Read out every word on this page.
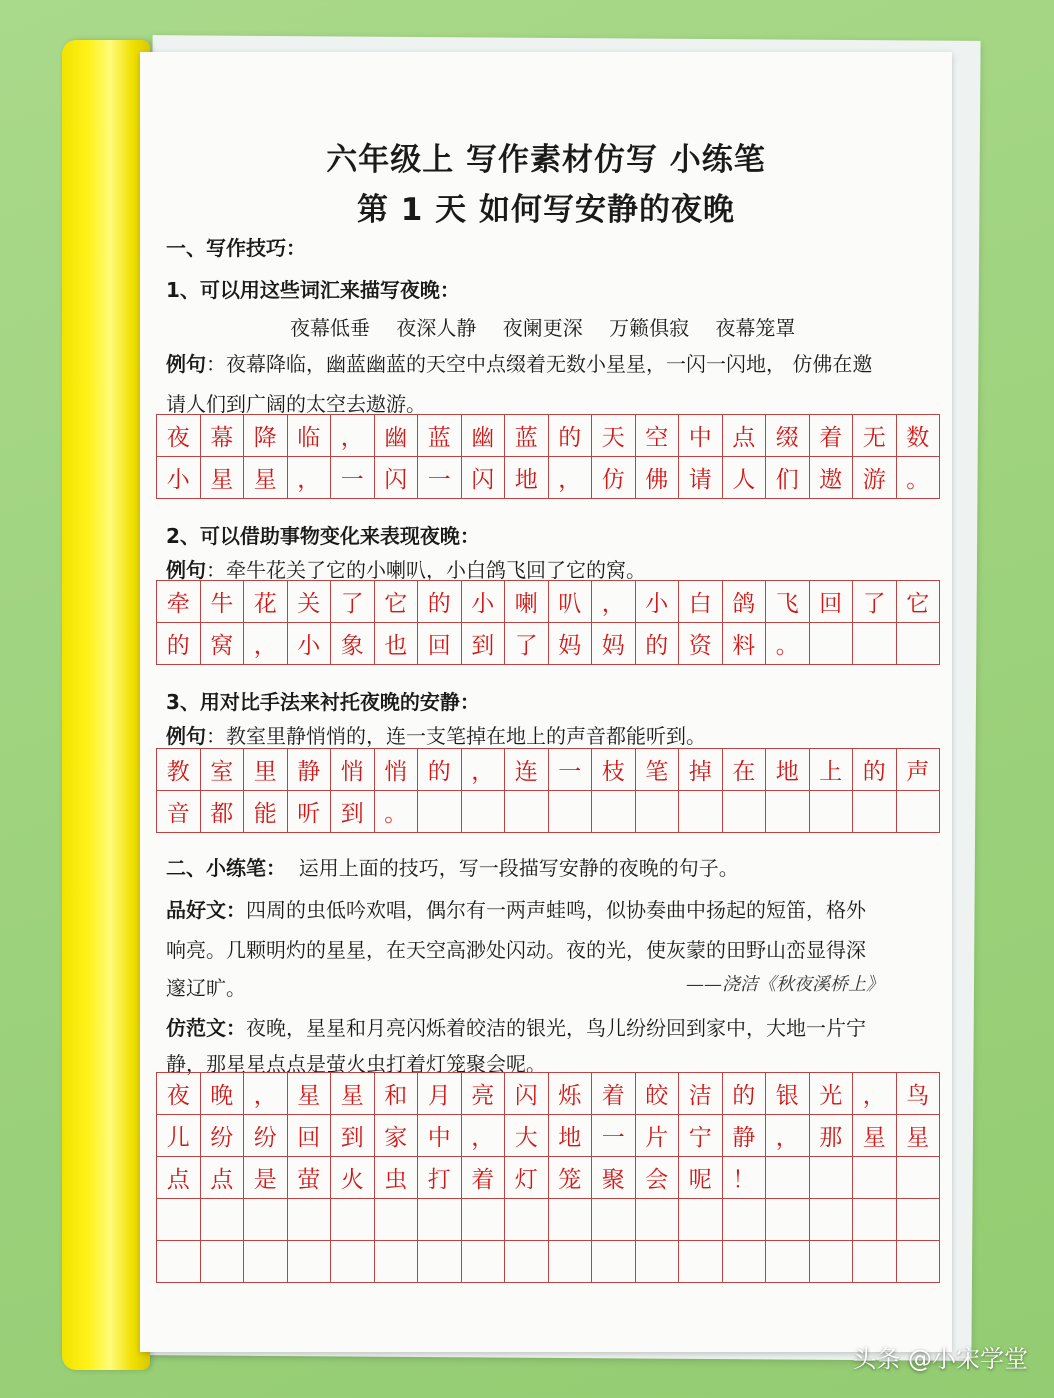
六年级上 写作素材仿写 小练笔
第 1 天 如何写安静的夜晚
一、写作技巧：
1、可以用这些词汇来描写夜晚：
夜幕低垂 夜深人静 夜阑更深 万籁俱寂 夜幕笼罩
例句：夜幕降临，幽蓝幽蓝的天空中点缀着无数小星星，一闪一闪地， 仿佛在邀
请人们到广阔的太空去遨游。
夜 幕 降 临 ， 幽 蓝 幽 蓝 的 天 空 中 点 缀 着 无 数
小 星 星 ， 一 闪 一 闪 地 ， 仿 佛 请 人 们 遨 游 。
2、可以借助事物变化来表现夜晚：
例句：牵牛花关了它的小喇叭，小白鸽飞回了它的窝。
牵 牛 花 关 了 它 的 小 喇 叭 ， 小 白 鸽 飞 回 了 它
的 窝 ， 小 象 也 回 到 了 妈 妈 的 资 料 。
3、用对比手法来衬托夜晚的安静：
例句：教室里静悄悄的，连一支笔掉在地上的声音都能听到。
教 室 里 静 悄 悄 的 ， 连 一 枝 笔 掉 在 地 上 的 声
音 都 能 听 到 。
二、小练笔： 运用上面的技巧，写一段描写安静的夜晚的句子。
品好文：四周的虫低吟欢唱，偶尔有一两声蛙鸣，似协奏曲中扬起的短笛，格外
响亮。几颗明灼的星星，在天空高渺处闪动。夜的光，使灰蒙的田野山峦显得深
邃辽旷。	——浇洁《秋夜溪桥上》
仿范文：夜晚，星星和月亮闪烁着皎洁的银光，鸟儿纷纷回到家中，大地一片宁
静，那星星点点是萤火虫打着灯笼聚会呢。
夜 晚 ， 星 星 和 月 亮 闪 烁 着 皎 洁 的 银 光 ， 鸟
儿 纷 纷 回 到 家 中 ， 大 地 一 片 宁 静 ， 那 星 星
点 点 是 萤 火 虫 打 着 灯 笼 聚 会 呢 ！
头条 @小宋学堂
